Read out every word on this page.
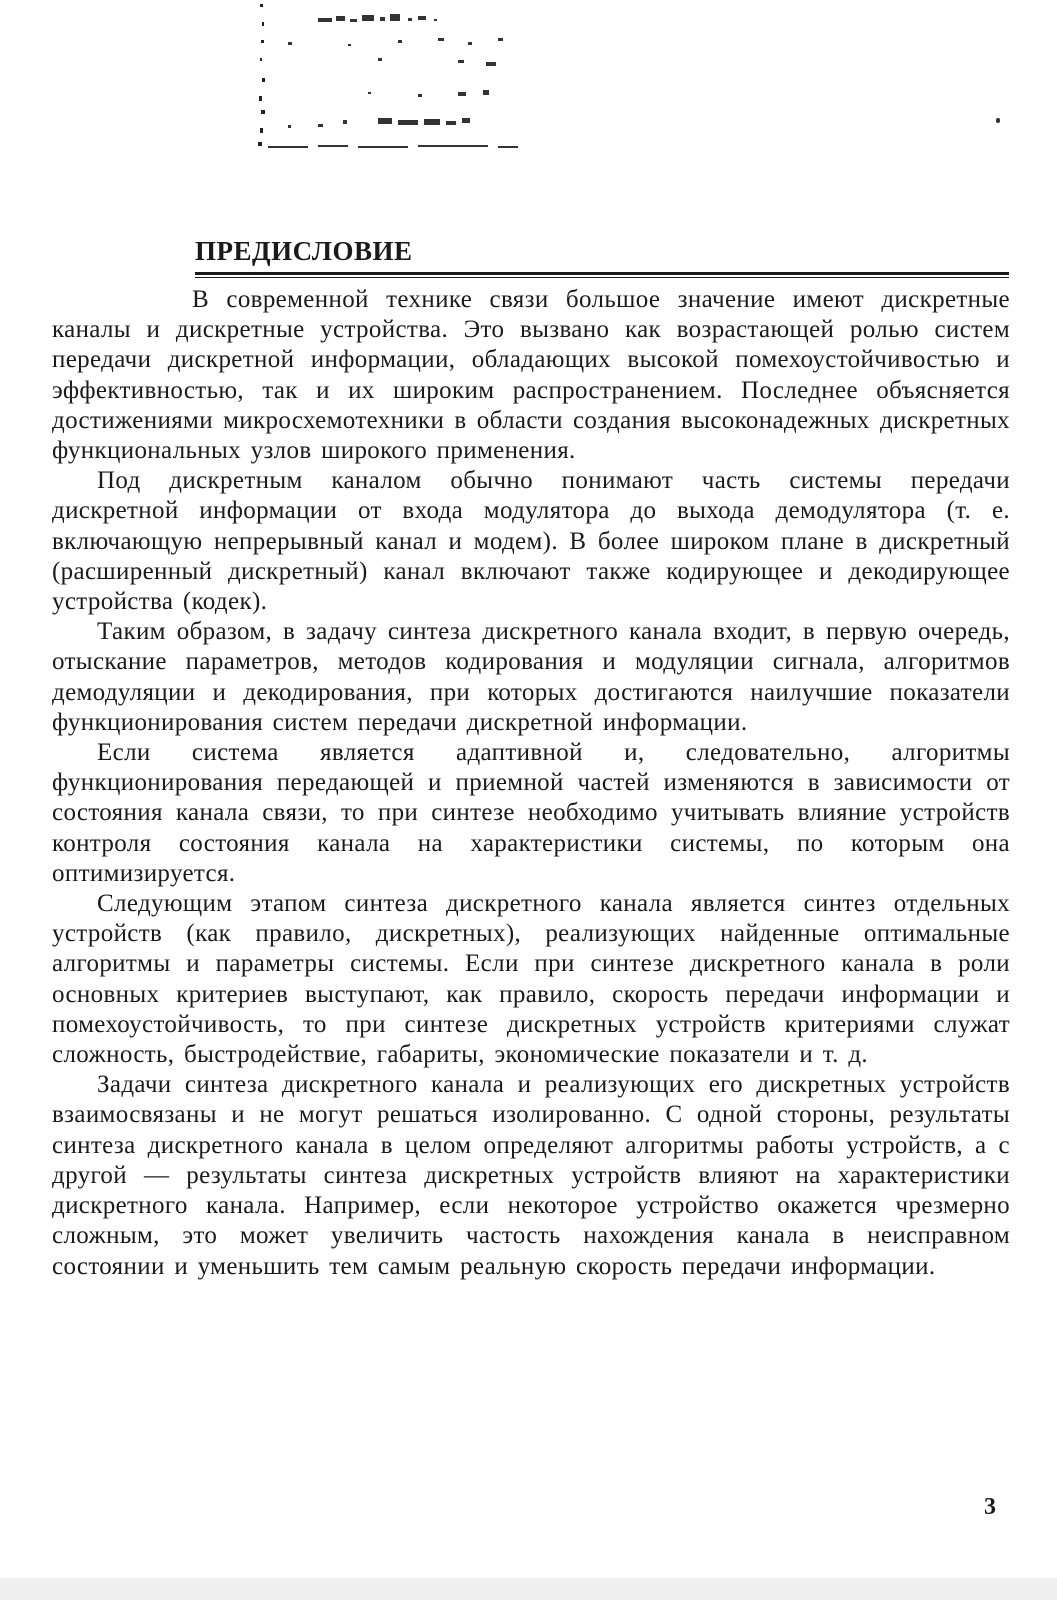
ПРЕДИСЛОВИЕ

В современной технике связи большое значение имеют дискретные каналы и дискретные устройства. Это вызвано как возрастающей ролью систем передачи дискретной информации, обладающих высокой помехоустойчивостью и эффективностью, так и их широким распространением. Последнее объясняется достижениями микросхемотехники в области создания высоконадежных дискретных функциональных узлов широкого применения.

Под дискретным каналом обычно понимают часть системы передачи дискретной информации от входа модулятора до выхода демодулятора (т. е. включающую непрерывный канал и модем). В более широком плане в дискретный (расширенный дискретный) канал включают также кодирующее и декодирующее устройства (кодек).

Таким образом, в задачу синтеза дискретного канала входит, в первую очередь, отыскание параметров, методов кодирования и модуляции сигнала, алгоритмов демодуляции и декодирования, при которых достигаются наилучшие показатели функционирования систем передачи дискретной информации.

Если система является адаптивной и, следовательно, алгоритмы функционирования передающей и приемной частей изменяются в зависимости от состояния канала связи, то при синтезе необходимо учитывать влияние устройств контроля состояния канала на характеристики системы, по которым она оптимизируется.

Следующим этапом синтеза дискретного канала является синтез отдельных устройств (как правило, дискретных), реализующих найденные оптимальные алгоритмы и параметры системы. Если при синтезе дискретного канала в роли основных критериев выступают, как правило, скорость передачи информации и помехоустойчивость, то при синтезе дискретных устройств критериями служат сложность, быстродействие, габариты, экономические показатели и т. д.

Задачи синтеза дискретного канала и реализующих его дискретных устройств взаимосвязаны и не могут решаться изолированно. С одной стороны, результаты синтеза дискретного канала в целом определяют алгоритмы работы устройств, а с другой — результаты синтеза дискретных устройств влияют на характеристики дискретного канала. Например, если некоторое устройство окажется чрезмерно сложным, это может увеличить частость нахождения канала в неисправном состоянии и уменьшить тем самым реальную скорость передачи информации.

3
